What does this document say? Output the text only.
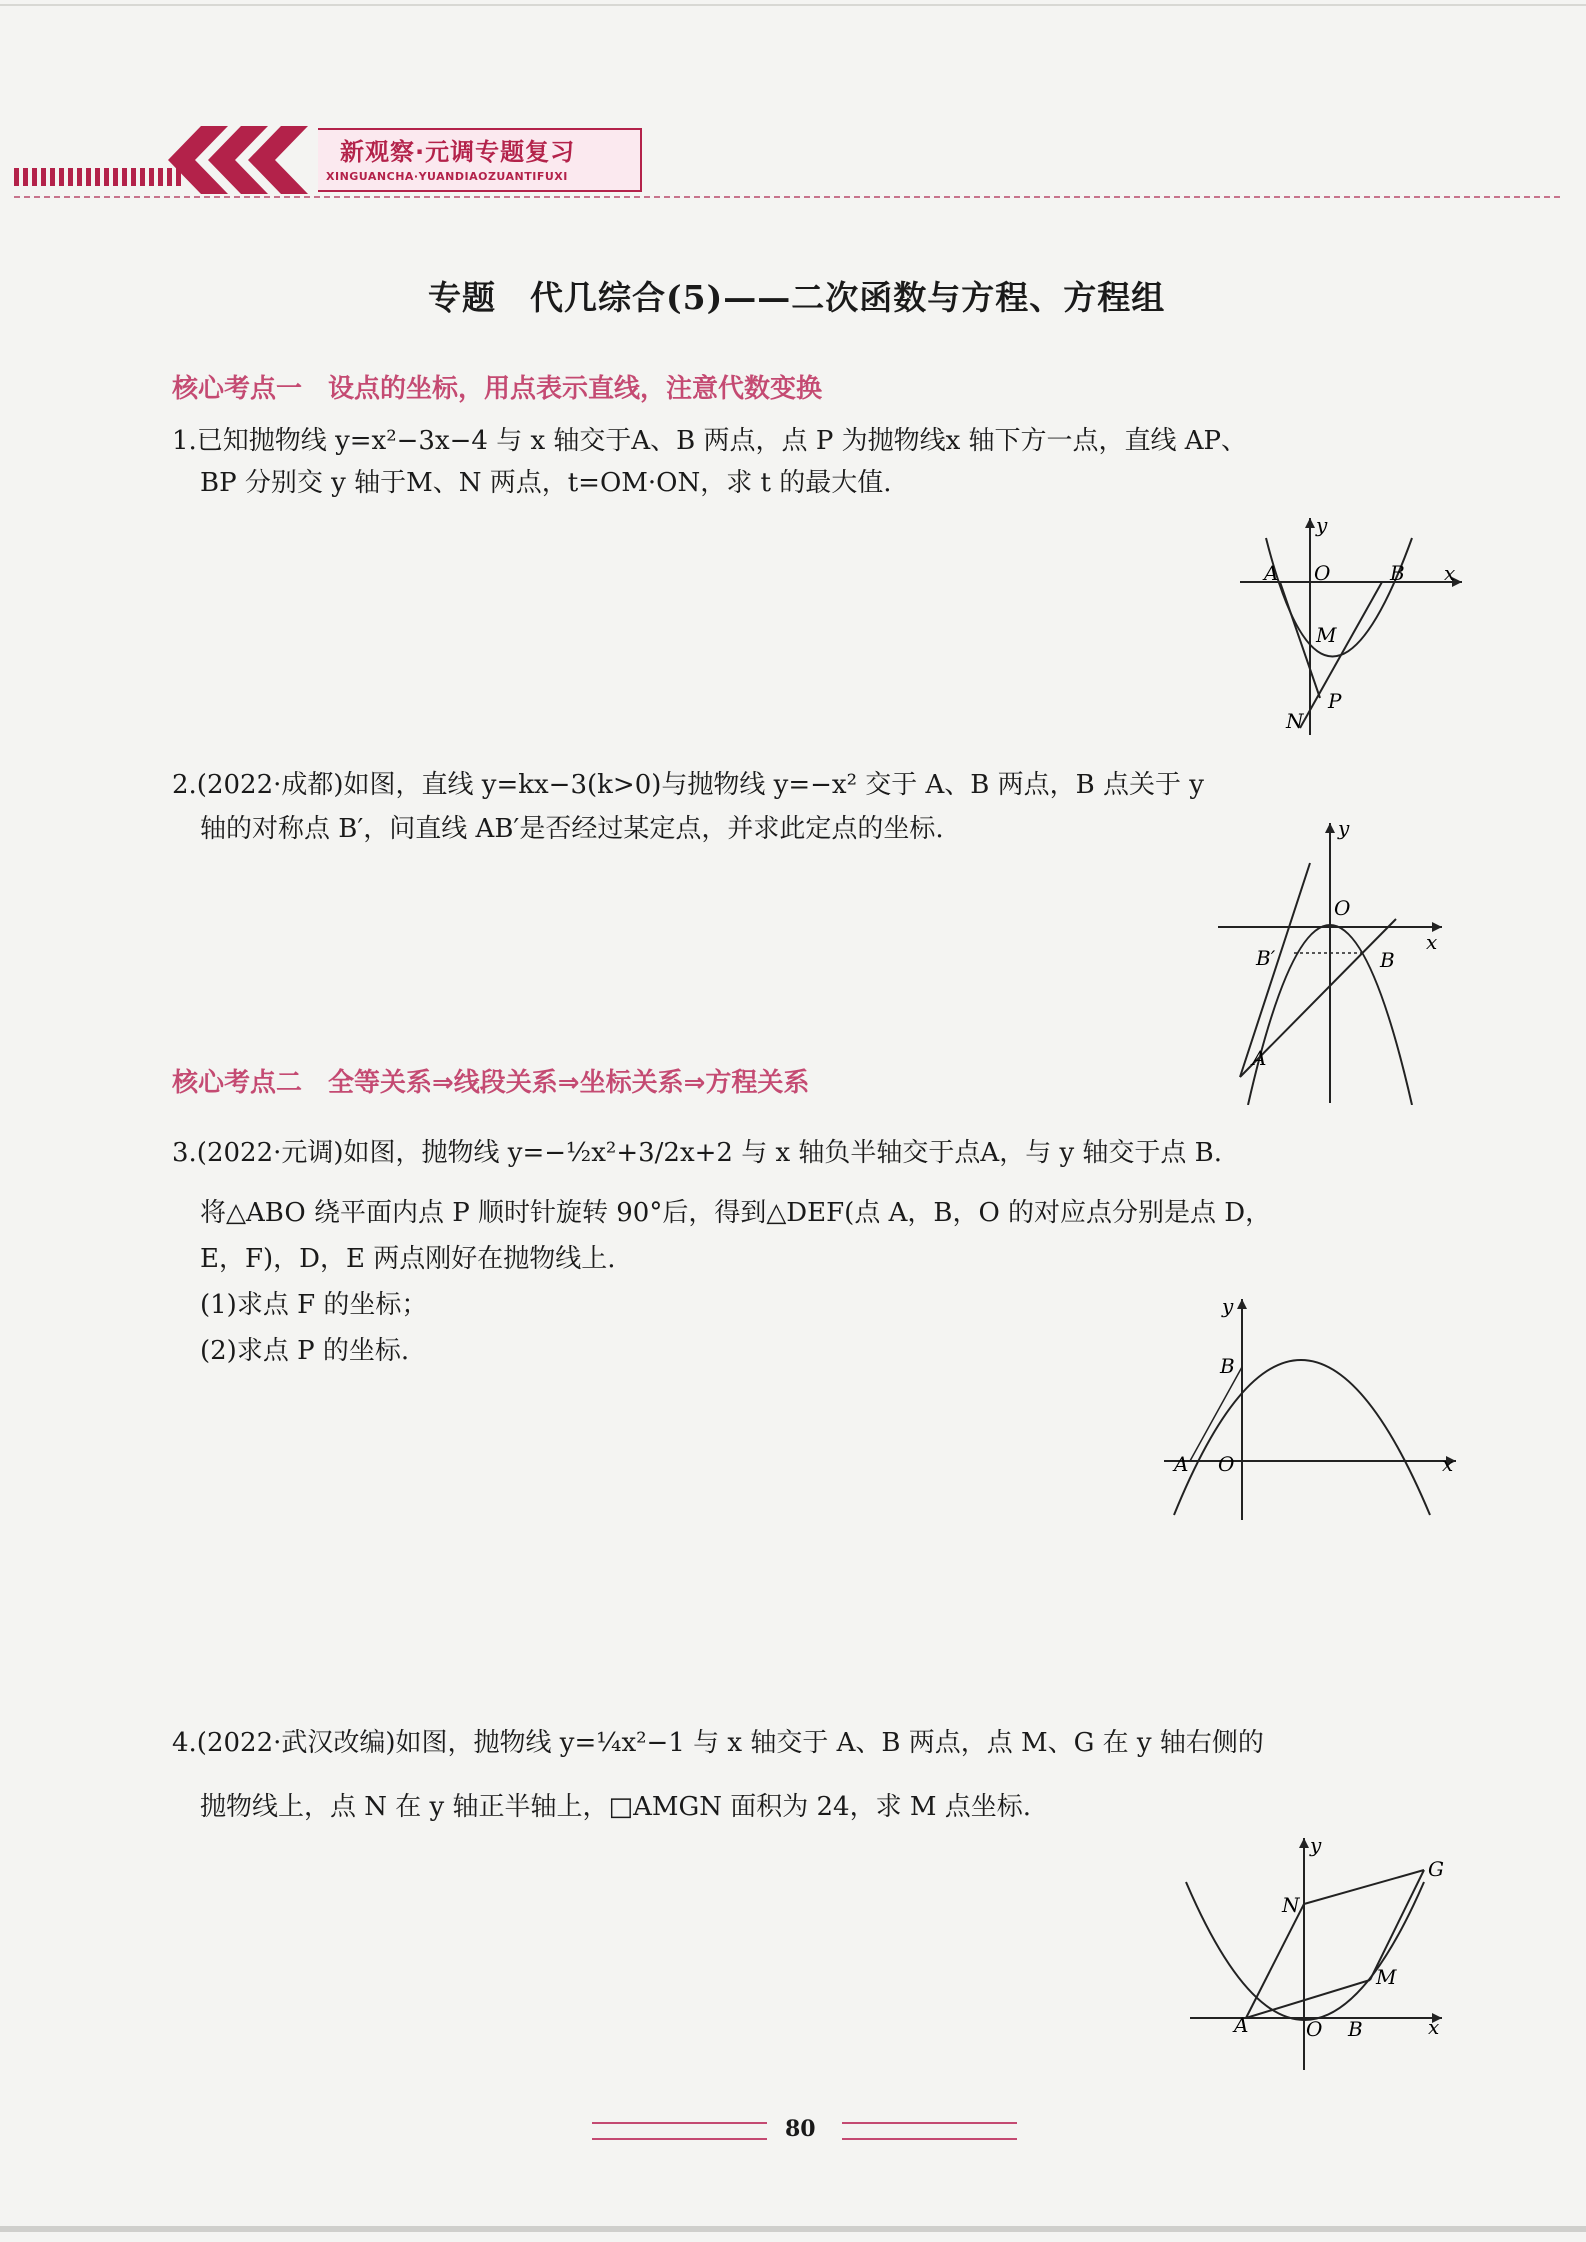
新观察·元调专题复习
XINGUANCHA·YUANDIAOZUANTIFUXI
专题　代几综合(5)——二次函数与方程、方程组
核心考点一　设点的坐标，用点表示直线，注意代数变换
1.已知抛物线 y=x²−3x−4 与 x 轴交于A、B 两点，点 P 为抛物线x 轴下方一点，直线 AP、
BP 分别交 y 轴于M、N 两点，t=OM·ON，求 t 的最大值.
y
A O	B x
M
P
N
2.(2022·成都)如图，直线 y=kx−3(k>0)与抛物线 y=−x² 交于 A、B 两点，B 点关于 y
轴的对称点 B′，问直线 AB′是否经过某定点，并求此定点的坐标.	y
O
x
B′	B
A
核心考点二　全等关系⇒线段关系⇒坐标关系⇒方程关系
3.(2022·元调)如图，抛物线 y=−½x²+3/2x+2 与 x 轴负半轴交于点A，与 y 轴交于点 B.
将△ABO 绕平面内点 P 顺时针旋转 90°后，得到△DEF(点 A，B，O 的对应点分别是点 D，
E，F)，D，E 两点刚好在抛物线上.
(1)求点 F 的坐标；
(2)求点 P 的坐标.
y
B
A O	x
4.(2022·武汉改编)如图，抛物线 y=¼x²−1 与 x 轴交于 A、B 两点，点 M、G 在 y 轴右侧的
抛物线上，点 N 在 y 轴正半轴上，□AMGN 面积为 24，求 M 点坐标.
y
G
N
M
A	O B	x
80
